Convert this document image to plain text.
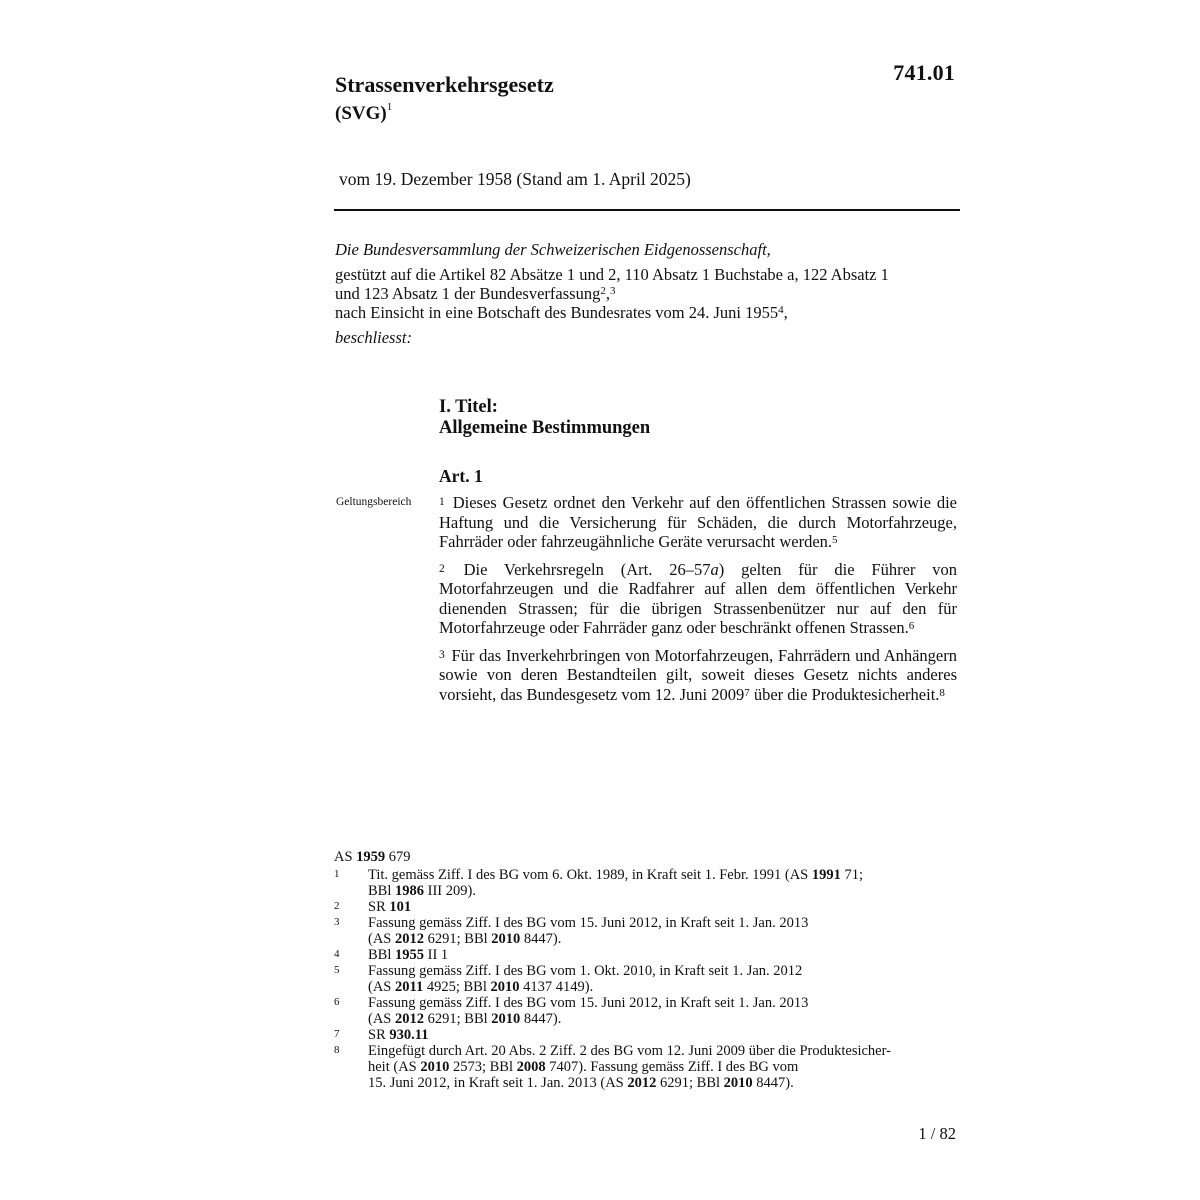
741.01
Strassenverkehrsgesetz
(SVG)$^1$
vom 19. Dezember 1958 (Stand am 1. April 2025)
Die Bundesversammlung der Schweizerischen Eidgenossenschaft,
gestützt auf die Artikel 82 Absätze 1 und 2, 110 Absatz 1 Buchstabe a, 122 Absatz 1
und 123 Absatz 1 der Bundesverfassung$^2$,$^3$
nach Einsicht in eine Botschaft des Bundesrates vom 24. Juni 1955$^4$,
beschliesst:
I. Titel:
Allgemeine Bestimmungen
Art. 1
Geltungsbereich $^1$ Dieses Gesetz ordnet den Verkehr auf den öffentlichen Strassen sowie die Haftung und die Versicherung für Schäden, die durch Motorfahrzeuge, Fahrräder oder fahrzeugähnliche Geräte verursacht werden.$^5$

$^2$ Die Verkehrsregeln (Art. 26–57a) gelten für die Führer von Motorfahrzeugen und die Radfahrer auf allen dem öffentlichen Verkehr dienenden Strassen; für die übrigen Strassenbenützer nur auf den für Motorfahrzeuge oder Fahrräder ganz oder beschränkt offenen Strassen.$^6$

$^3$ Für das Inverkehrbringen von Motorfahrzeugen, Fahrrädern und Anhängern sowie von deren Bestandteilen gilt, soweit dieses Gesetz nichts anderes vorsieht, das Bundesgesetz vom 12. Juni 2009$^7$ über die Produktesicherheit.$^8$

AS 1959 679
1	Tit. gemäss Ziff. I des BG vom 6. Okt. 1989, in Kraft seit 1. Febr. 1991 (AS 1991 71;
BBl 1986 III 209).
2	SR 101
3	Fassung gemäss Ziff. I des BG vom 15. Juni 2012, in Kraft seit 1. Jan. 2013
(AS 2012 6291; BBl 2010 8447).
4	BBl 1955 II 1
5	Fassung gemäss Ziff. I des BG vom 1. Okt. 2010, in Kraft seit 1. Jan. 2012
(AS 2011 4925; BBl 2010 4137 4149).
6	Fassung gemäss Ziff. I des BG vom 15. Juni 2012, in Kraft seit 1. Jan. 2013
(AS 2012 6291; BBl 2010 8447).
7	SR 930.11
8	Eingefügt durch Art. 20 Abs. 2 Ziff. 2 des BG vom 12. Juni 2009 über die Produktesicher-
heit (AS 2010 2573; BBl 2008 7407). Fassung gemäss Ziff. I des BG vom
15. Juni 2012, in Kraft seit 1. Jan. 2013 (AS 2012 6291; BBl 2010 8447).
1 / 82
